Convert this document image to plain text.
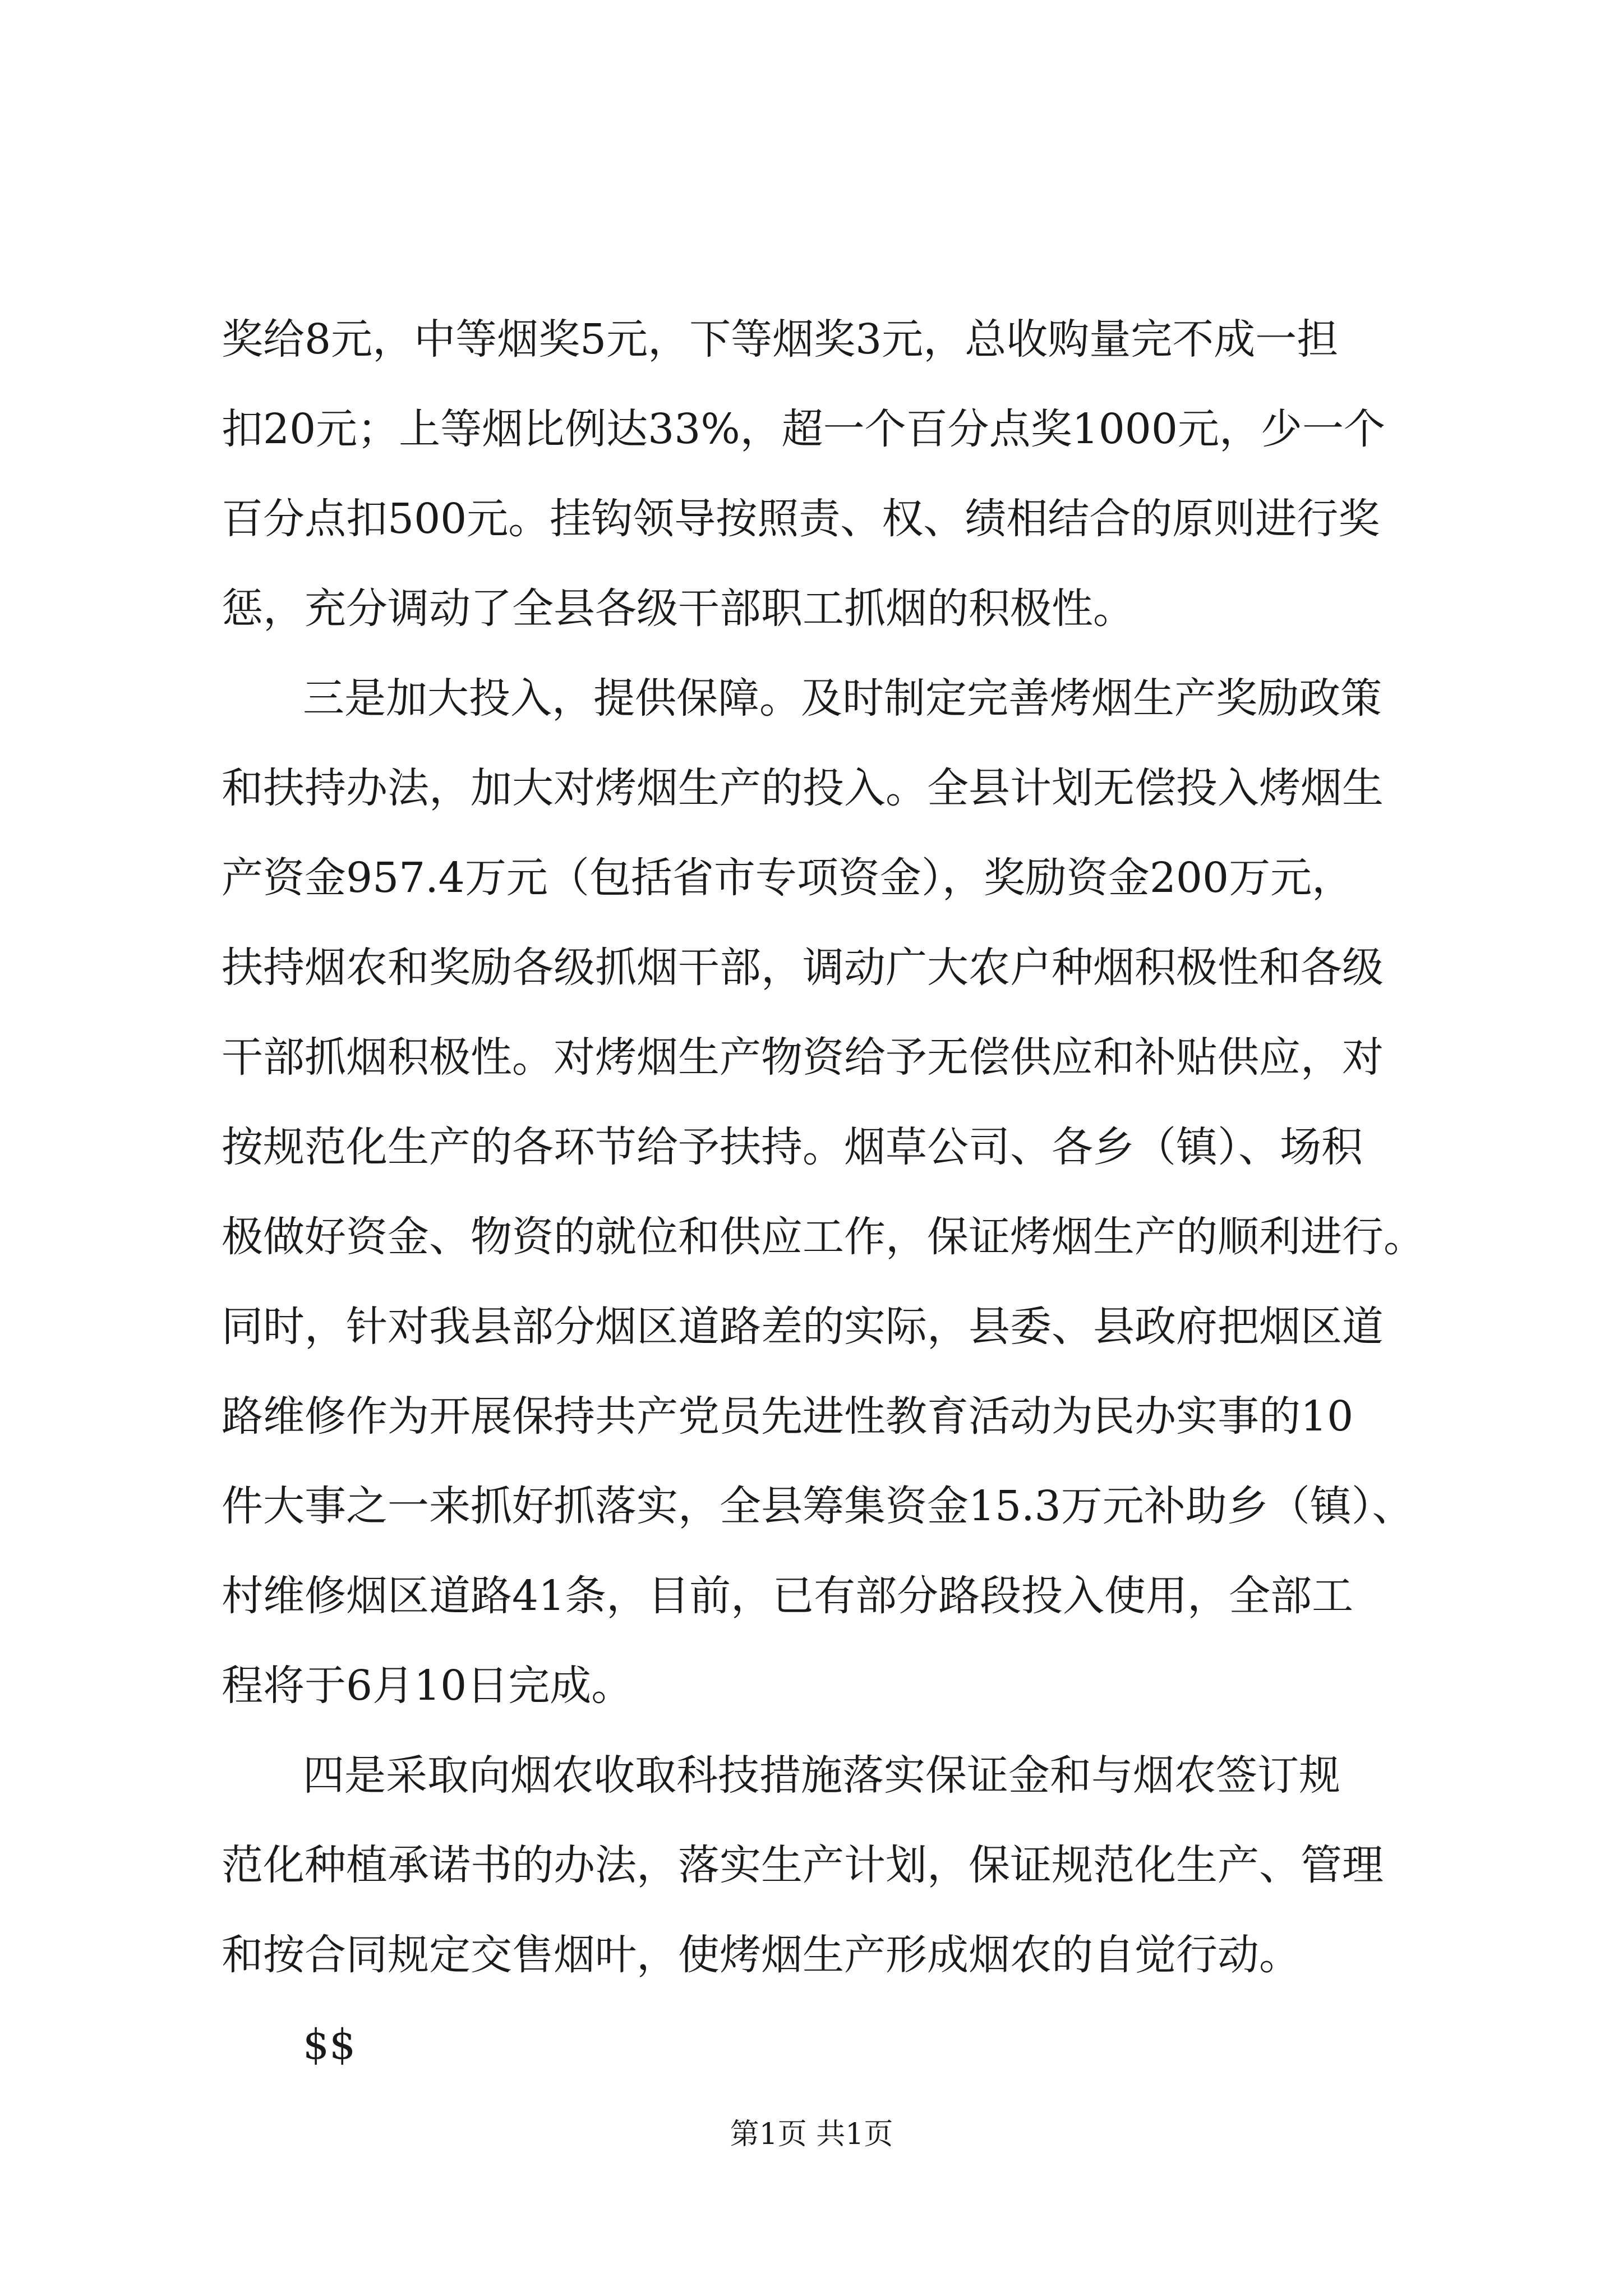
奖给8元，中等烟奖5元，下等烟奖3元，总收购量完不成一担
扣20元；上等烟比例达33%，超一个百分点奖1000元，少一个
百分点扣500元。挂钩领导按照责、权、绩相结合的原则进行奖
惩，充分调动了全县各级干部职工抓烟的积极性。
三是加大投入，提供保障。及时制定完善烤烟生产奖励政策
和扶持办法，加大对烤烟生产的投入。全县计划无偿投入烤烟生
产资金957.4万元（包括省市专项资金），奖励资金200万元，
扶持烟农和奖励各级抓烟干部，调动广大农户种烟积极性和各级
干部抓烟积极性。对烤烟生产物资给予无偿供应和补贴供应，对
按规范化生产的各环节给予扶持。烟草公司、各乡（镇）、场积
极做好资金、物资的就位和供应工作，保证烤烟生产的顺利进行。
同时，针对我县部分烟区道路差的实际，县委、县政府把烟区道
路维修作为开展保持共产党员先进性教育活动为民办实事的10
件大事之一来抓好抓落实，全县筹集资金15.3万元补助乡（镇）、
村维修烟区道路41条，目前，已有部分路段投入使用，全部工
程将于6月10日完成。
四是采取向烟农收取科技措施落实保证金和与烟农签订规
范化种植承诺书的办法，落实生产计划，保证规范化生产、管理
和按合同规定交售烟叶，使烤烟生产形成烟农的自觉行动。
$$
第1页 共1页
